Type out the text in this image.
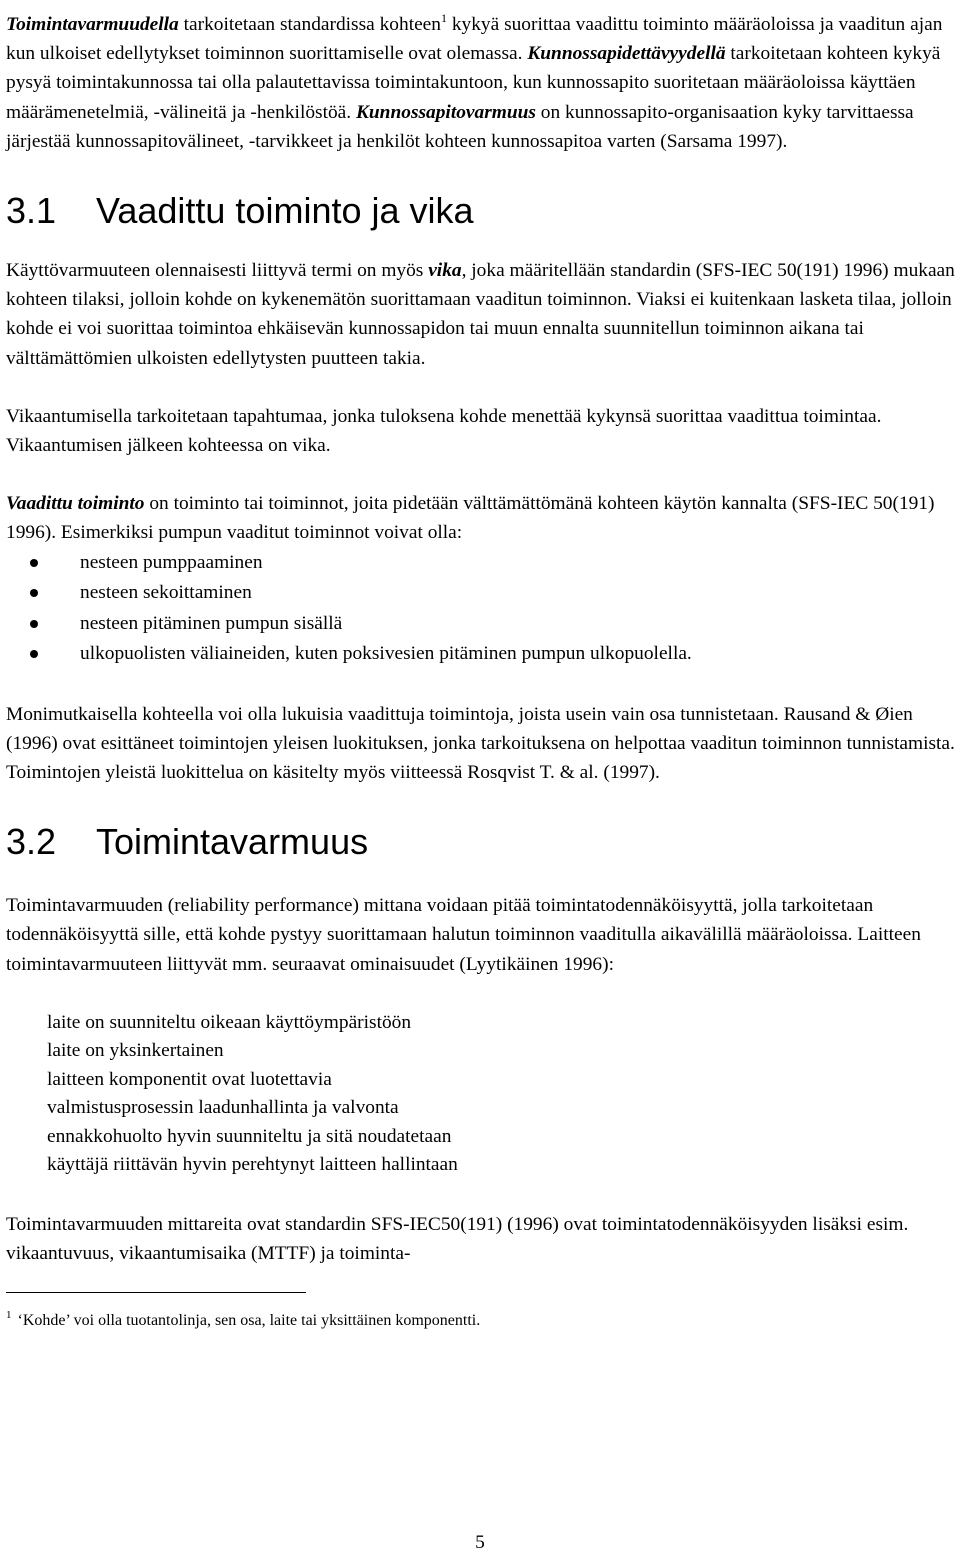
Toimintavarmuudella tarkoitetaan standardissa kohteen$^1$ kykyä suorittaa vaadittu toiminto määräoloissa ja vaaditun ajan kun ulkoiset edellytykset toiminnon suorittamiselle ovat olemassa. Kunnossapidettävyydellä tarkoitetaan kohteen kykyä pysyä toimintakunnossa tai olla palautettavissa toimintakuntoon, kun kunnossapito suoritetaan määräoloissa käyttäen määrämenetelmiä, -välineitä ja -henkilöstöä. Kunnossapitovarmuus on kunnossapito-organisaation kyky tarvittaessa järjestää kunnossapitovälineet, -tarvikkeet ja henkilöt kohteen kunnossapitoa varten (Sarsama 1997).

3.1 Vaadittu toiminto ja vika

Käyttövarmuuteen olennaisesti liittyvä termi on myös vika, joka määritellään standardin (SFS-IEC 50(191) 1996) mukaan kohteen tilaksi, jolloin kohde on kykenemätön suorittamaan vaaditun toiminnon. Viaksi ei kuitenkaan lasketa tilaa, jolloin kohde ei voi suorittaa toimintoa ehkäisevän kunnossapidon tai muun ennalta suunnitellun toiminnon aikana tai välttämättömien ulkoisten edellytysten puutteen takia.

Vikaantumisella tarkoitetaan tapahtumaa, jonka tuloksena kohde menettää kykynsä suorittaa vaadittua toimintaa. Vikaantumisen jälkeen kohteessa on vika.

Vaadittu toiminto on toiminto tai toiminnot, joita pidetään välttämättömänä kohteen käytön kannalta (SFS-IEC 50(191) 1996). Esimerkiksi pumpun vaaditut toiminnot voivat olla:

nesteen pumppaaminen
nesteen sekoittaminen
nesteen pitäminen pumpun sisällä
ulkopuolisten väliaineiden, kuten poksivesien pitäminen pumpun ulkopuolella.

Monimutkaisella kohteella voi olla lukuisia vaadittuja toimintoja, joista usein vain osa tunnistetaan. Rausand & Øien (1996) ovat esittäneet toimintojen yleisen luokituksen, jonka tarkoituksena on helpottaa vaaditun toiminnon tunnistamista. Toimintojen yleistä luokittelua on käsitelty myös viitteessä Rosqvist T. & al. (1997).

3.2 Toimintavarmuus

Toimintavarmuuden (reliability performance) mittana voidaan pitää toimintatodennäköisyyttä, jolla tarkoitetaan todennäköisyyttä sille, että kohde pystyy suorittamaan halutun toiminnon vaaditulla aikavälillä määräoloissa. Laitteen toimintavarmuuteen liittyvät mm. seuraavat ominaisuudet (Lyytikäinen 1996):

laite on suunniteltu oikeaan käyttöympäristöön
laite on yksinkertainen
laitteen komponentit ovat luotettavia
valmistusprosessin laadunhallinta ja valvonta
ennakkohuolto hyvin suunniteltu ja sitä noudatetaan
käyttäjä riittävän hyvin perehtynyt laitteen hallintaan

Toimintavarmuuden mittareita ovat standardin SFS-IEC50(191) (1996) ovat toimintatodennäköisyyden lisäksi esim. vikaantuvuus, vikaantumisaika (MTTF) ja toiminta-

$^1$ ‘Kohde’ voi olla tuotantolinja, sen osa, laite tai yksittäinen komponentti.
5
